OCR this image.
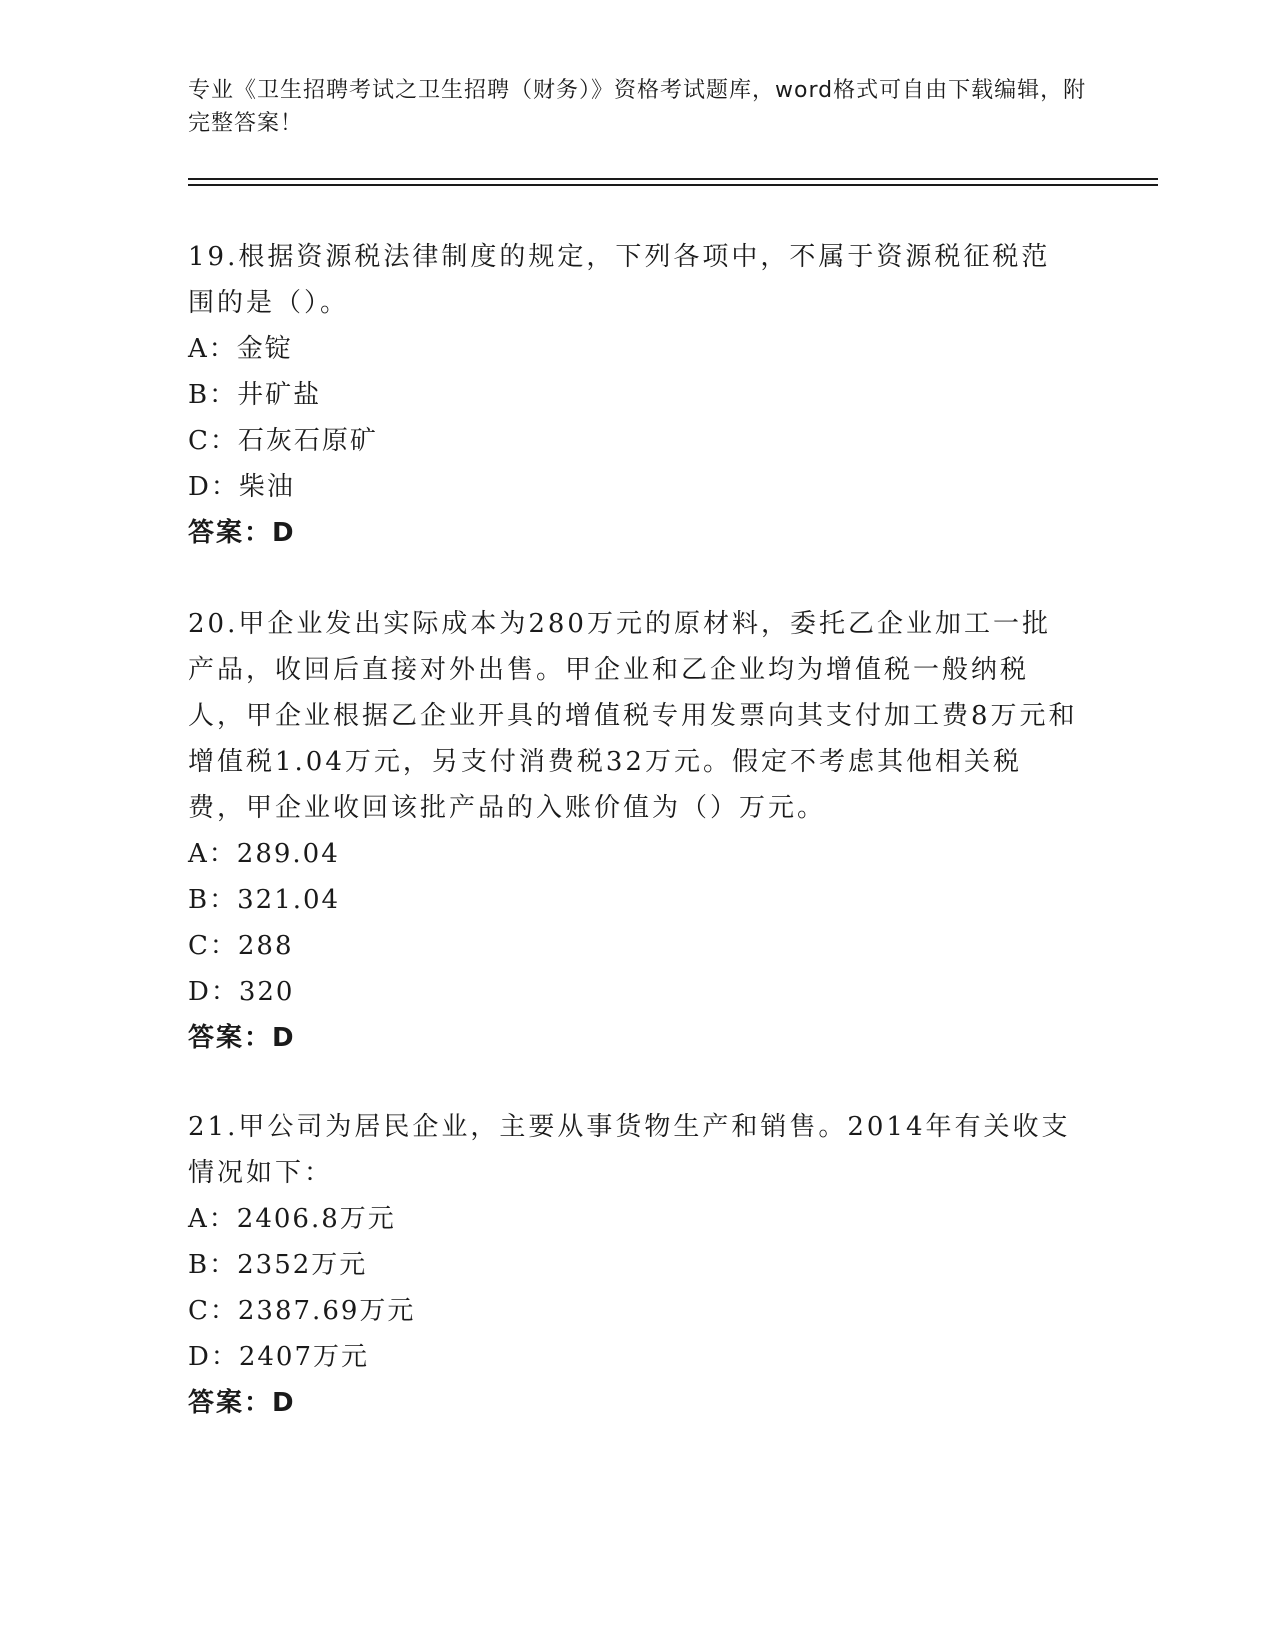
专业《卫生招聘考试之卫生招聘（财务）》资格考试题库，word格式可自由下载编辑，附完整答案！

19.根据资源税法律制度的规定，下列各项中，不属于资源税征税范围的是（）。

A：金锭

B：井矿盐

C：石灰石原矿

D：柴油

答案：D

20.甲企业发出实际成本为280万元的原材料，委托乙企业加工一批产品，收回后直接对外出售。甲企业和乙企业均为增值税一般纳税人，甲企业根据乙企业开具的增值税专用发票向其支付加工费8万元和增值税1.04万元，另支付消费税32万元。假定不考虑其他相关税费，甲企业收回该批产品的入账价值为（）万元。

A：289.04

B：321.04

C：288

D：320

答案：D

21.甲公司为居民企业，主要从事货物生产和销售。2014年有关收支情况如下：

A：2406.8万元

B：2352万元

C：2387.69万元

D：2407万元

答案：D
